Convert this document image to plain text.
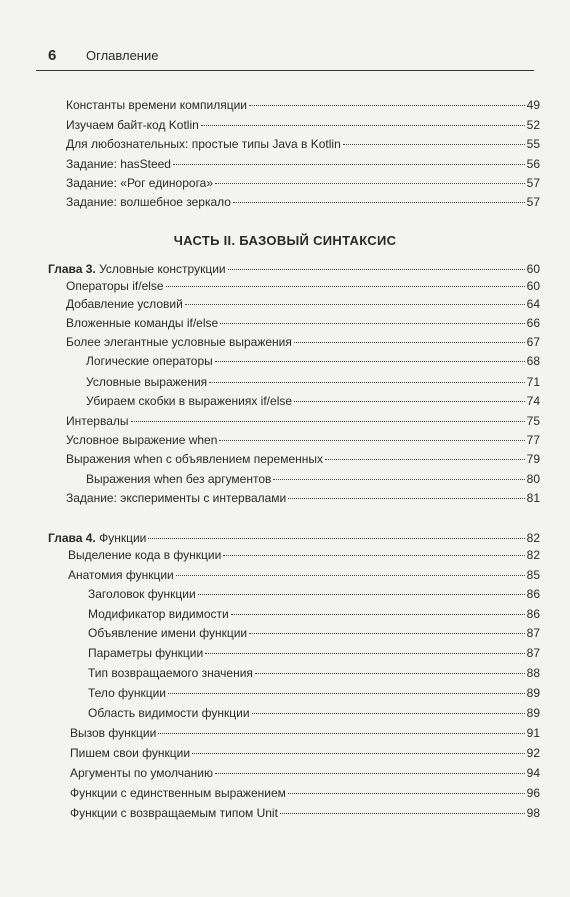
6	Оглавление
Константы времени компиляции	49
Изучаем байт-код Kotlin	52
Для любознательных: простые типы Java в Kotlin	55
Задание: hasSteed	56
Задание: «Рог единорога»	57
Задание: волшебное зеркало	57
ЧАСТЬ II. БАЗОВЫЙ СИНТАКСИС
Глава 3. Условные конструкции	60
Операторы if/else	60
Добавление условий	64
Вложенные команды if/else	66
Более элегантные условные выражения	67
Логические операторы	68
Условные выражения	71
Убираем скобки в выражениях if/else	74
Интервалы	75
Условное выражение when	77
Выражения when с объявлением переменных	79
Выражения when без аргументов	80
Задание: эксперименты с интервалами	81
Глава 4. Функции	82
Выделение кода в функции	82
Анатомия функции	85
Заголовок функции	86
Модификатор видимости	86
Объявление имени функции	87
Параметры функции	87
Тип возвращаемого значения	88
Тело функции	89
Область видимости функции	89
Вызов функции	91
Пишем свои функции	92
Аргументы по умолчанию	94
Функции с единственным выражением	96
Функции с возвращаемым типом Unit	98
